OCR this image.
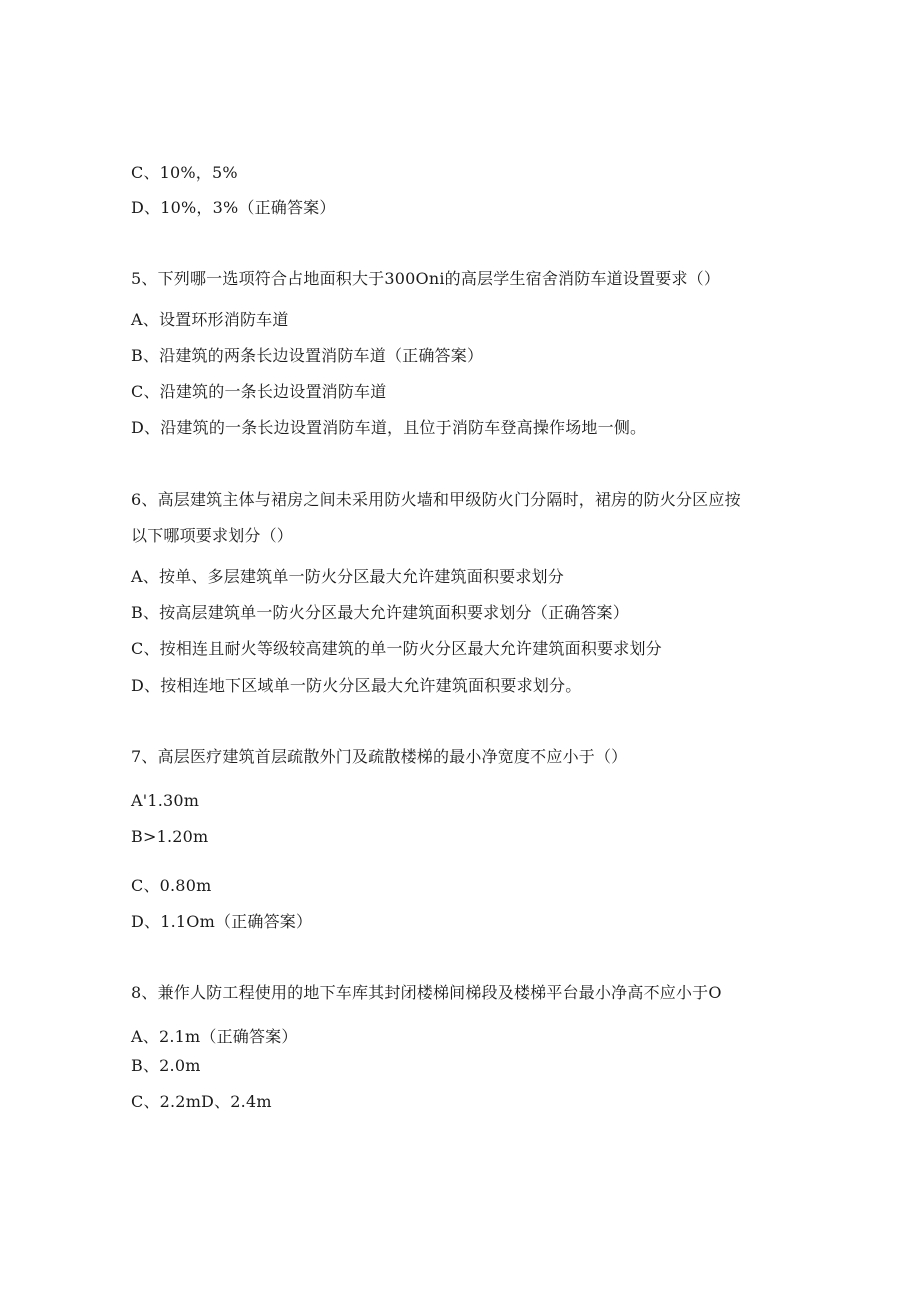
C、10%，5%
D、10%，3%（正确答案）
5、下列哪一选项符合占地面积大于300Oni的高层学生宿舍消防车道设置要求（）
A、设置环形消防车道
B、沿建筑的两条长边设置消防车道（正确答案）
C、沿建筑的一条长边设置消防车道
D、沿建筑的一条长边设置消防车道，且位于消防车登高操作场地一侧。
6、高层建筑主体与裙房之间未采用防火墙和甲级防火门分隔时，裙房的防火分区应按
以下哪项要求划分（）
A、按单、多层建筑单一防火分区最大允许建筑面积要求划分
B、按高层建筑单一防火分区最大允许建筑面积要求划分（正确答案）
C、按相连且耐火等级较高建筑的单一防火分区最大允许建筑面积要求划分
D、按相连地下区域单一防火分区最大允许建筑面积要求划分。
7、高层医疗建筑首层疏散外门及疏散楼梯的最小净宽度不应小于（）
A'1.30m
B>1.20m
C、0.80m
D、1.1Om（正确答案）
8、兼作人防工程使用的地下车库其封闭楼梯间梯段及楼梯平台最小净高不应小于O
A、2.1m（正确答案）
B、2.0m
C、2.2mD、2.4m
